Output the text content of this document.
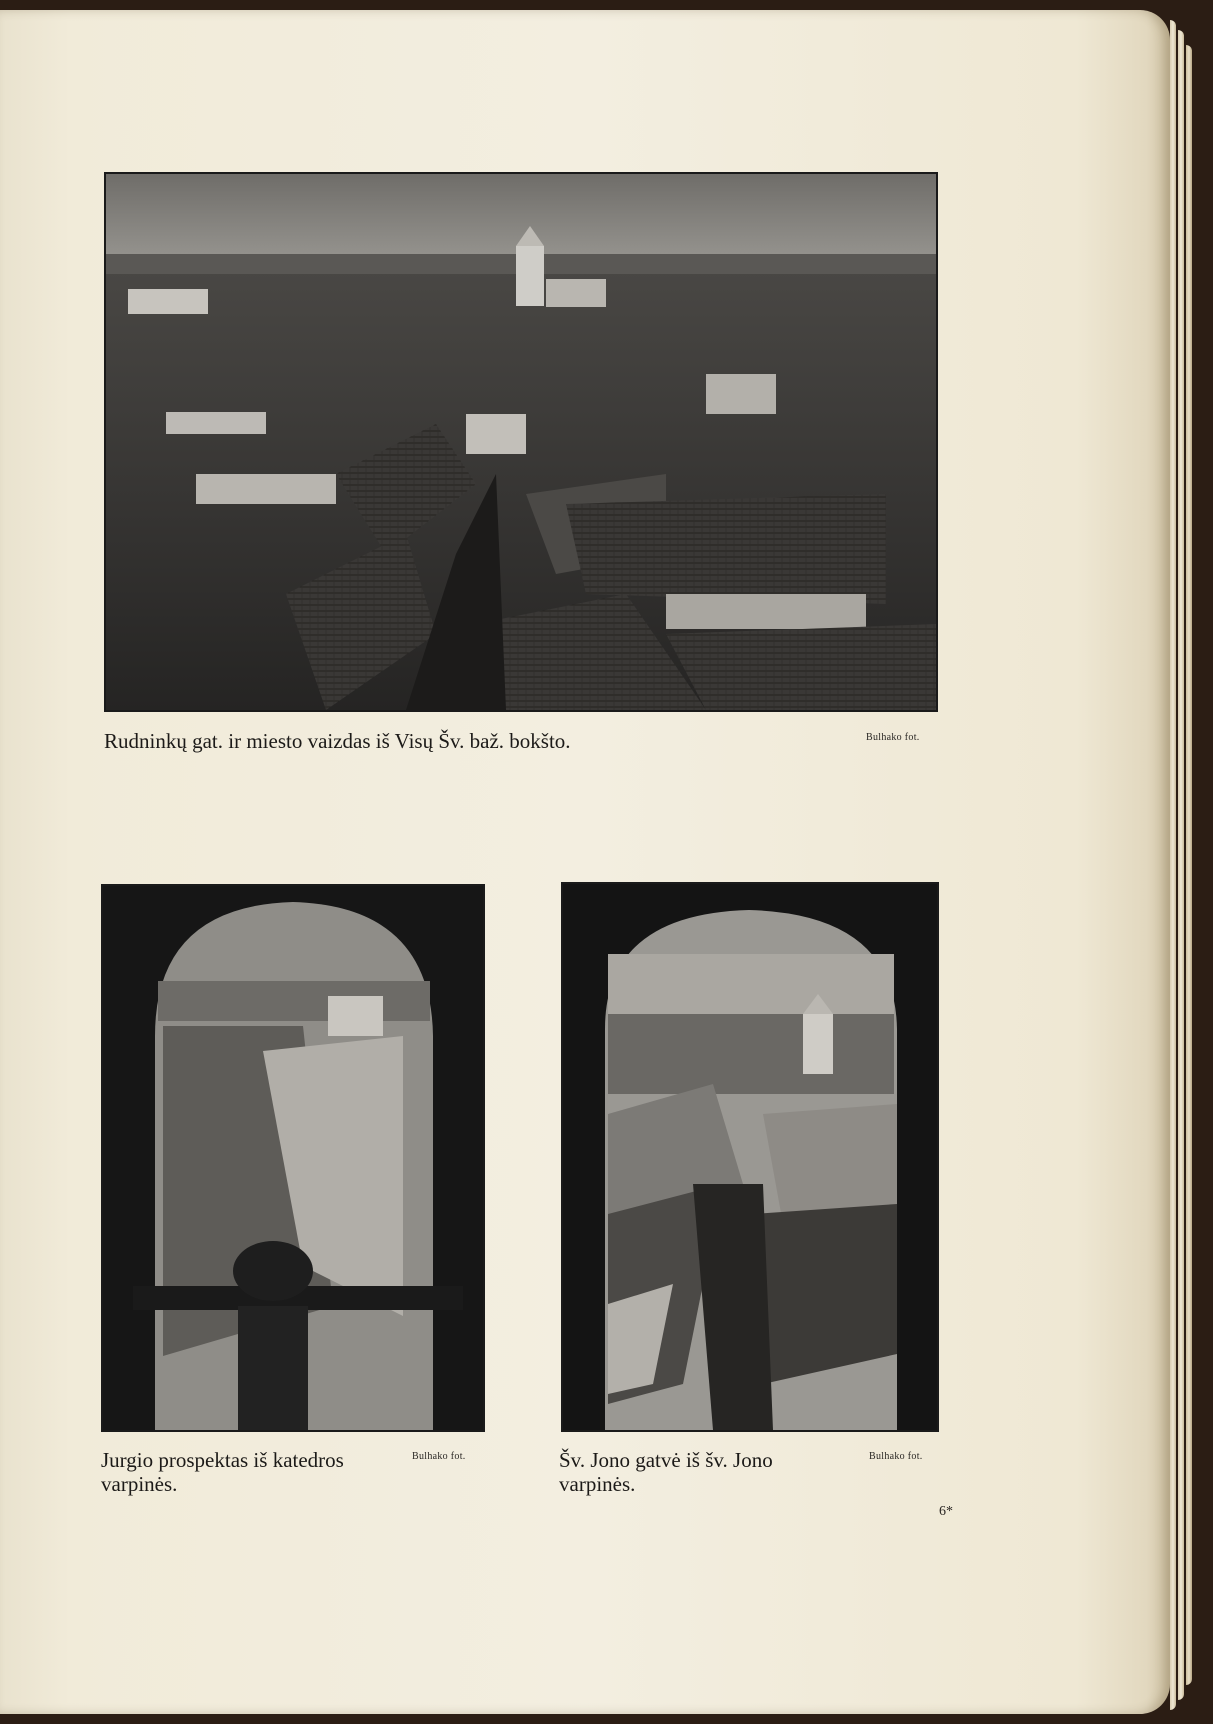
Rudninkų gat. ir miesto vaizdas iš Visų Šv. baž. bokšto.	Bulhako fot.
Jurgio prospektas iš katedros
varpinės.
Bulhako fot.	Šv. Jono gatvė iš šv. Jono
varpinės.
Bulhako fot.
6*
